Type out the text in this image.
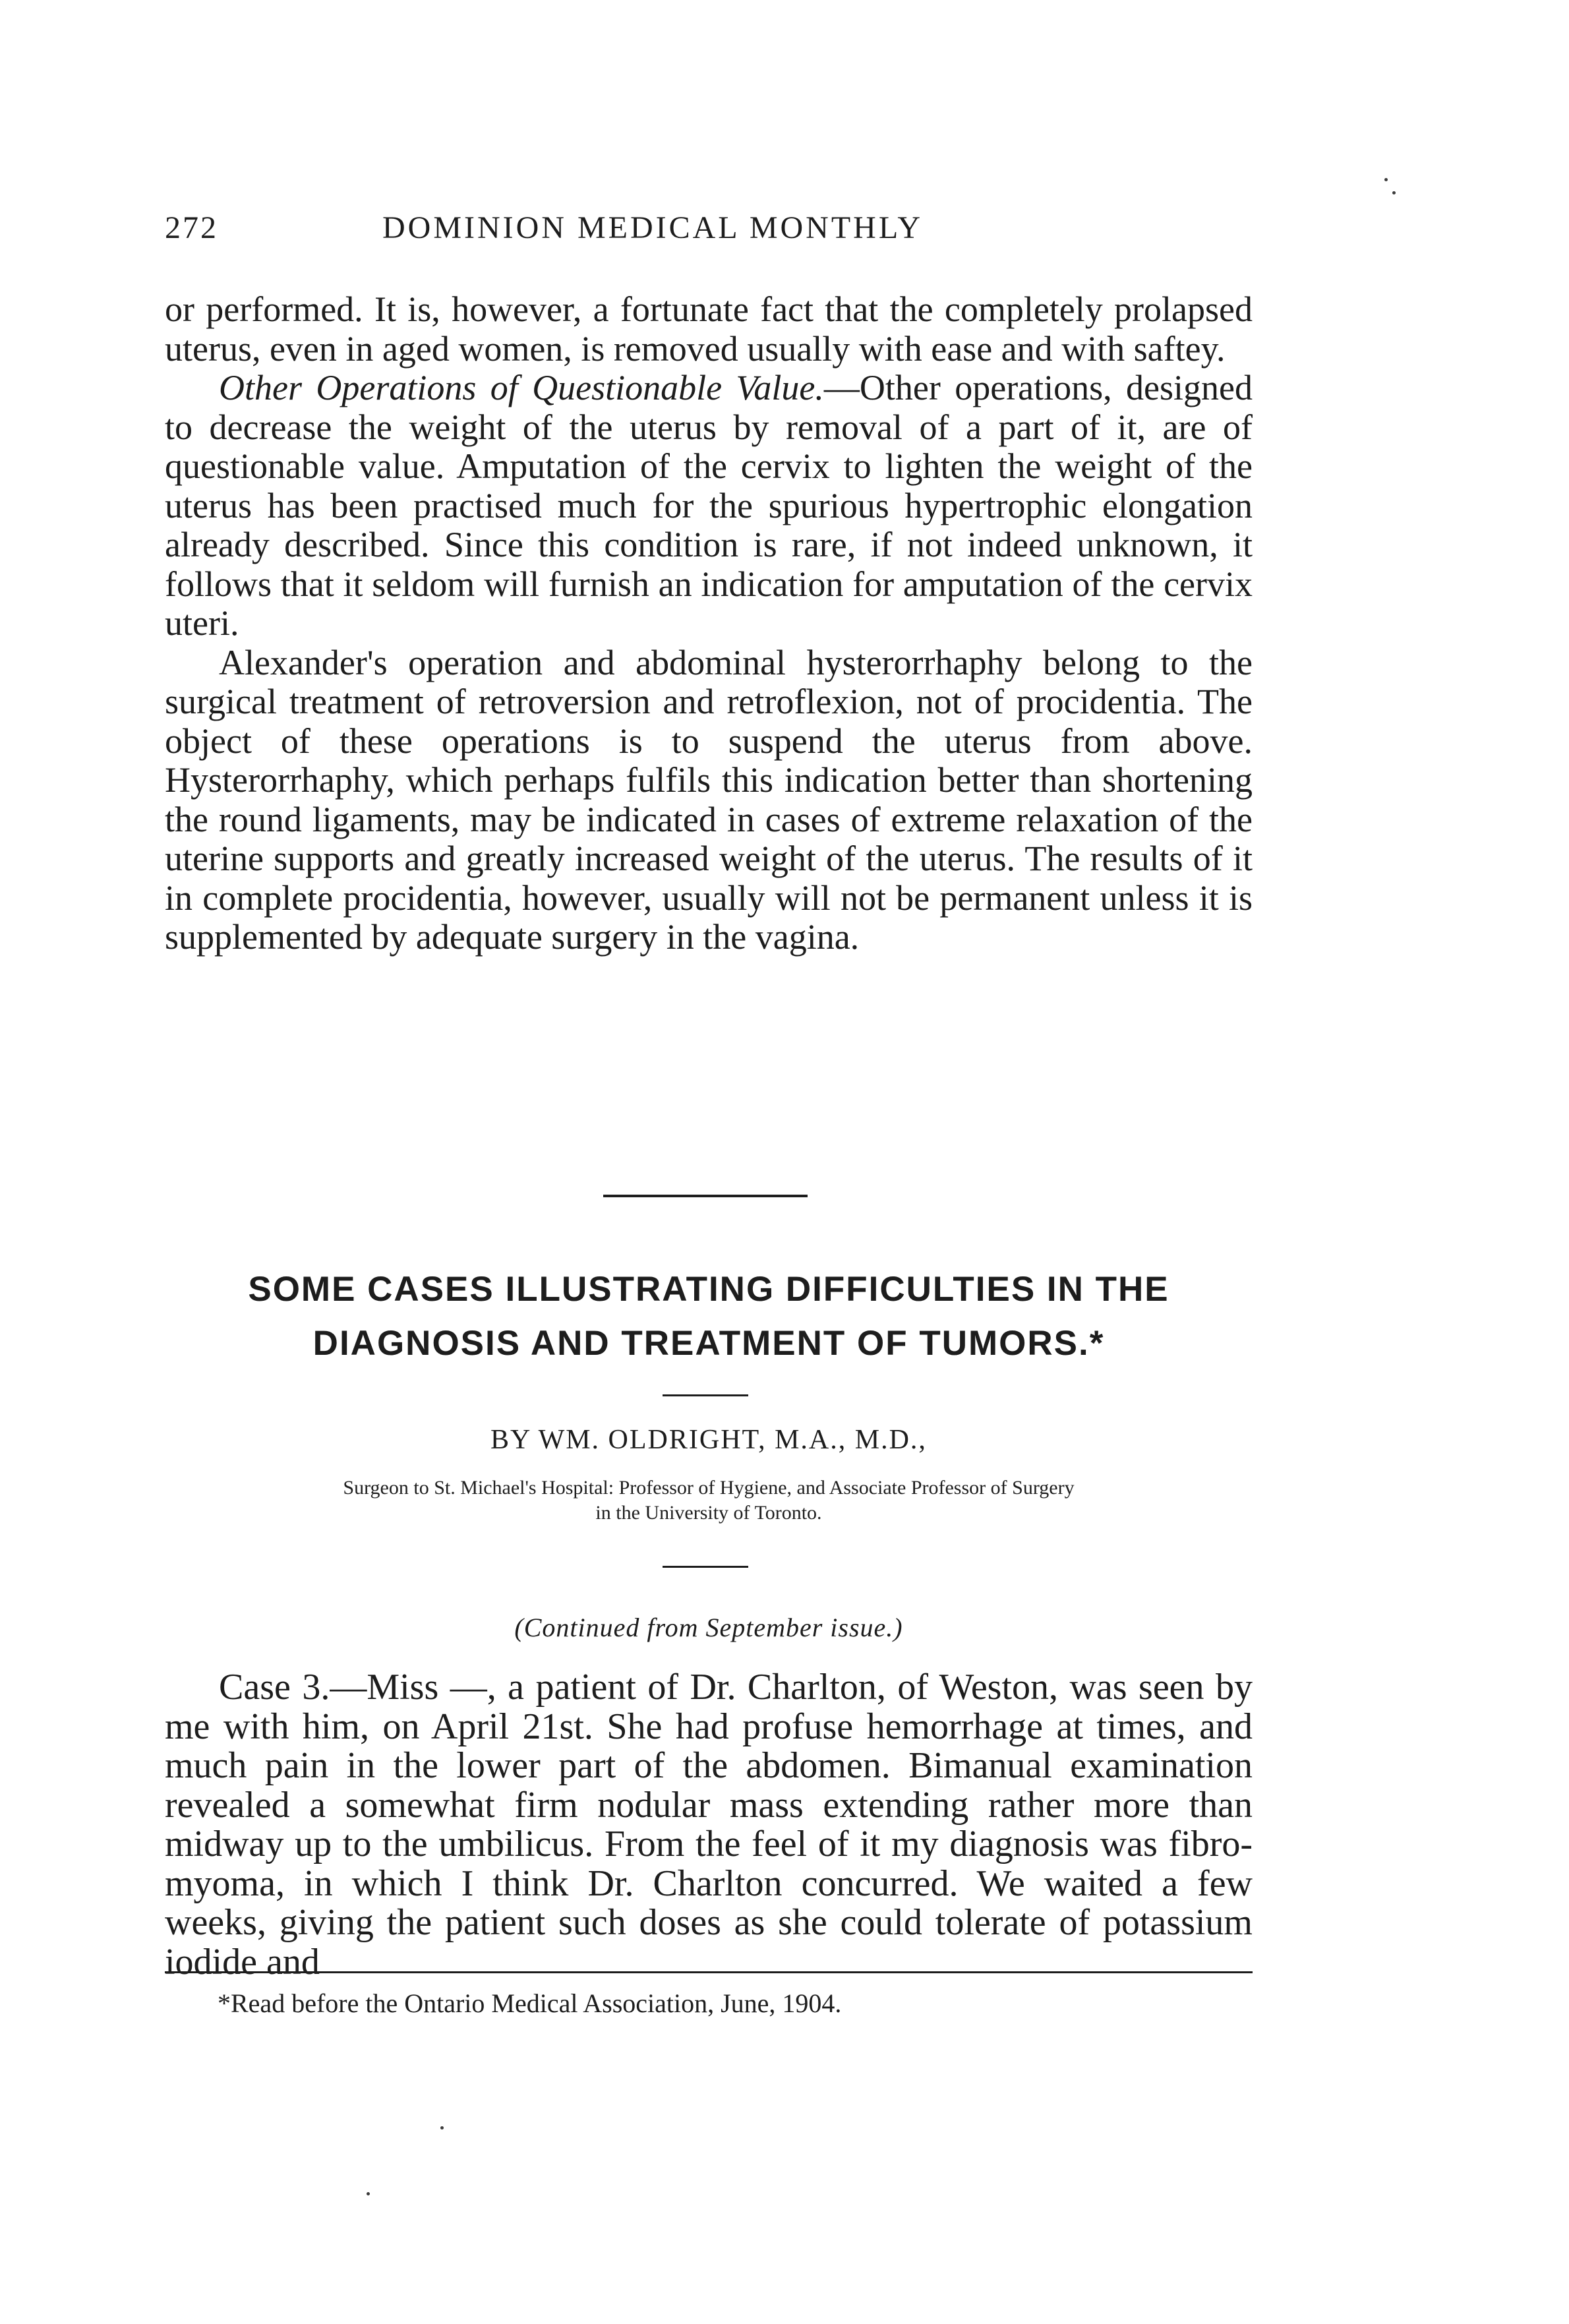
272	DOMINION MEDICAL MONTHLY

or performed. It is, however, a fortunate fact that the completely prolapsed uterus, even in aged women, is removed usually with ease and with saftey.

Other Operations of Questionable Value.—Other operations, designed to decrease the weight of the uterus by removal of a part of it, are of questionable value. Amputation of the cervix to lighten the weight of the uterus has been practised much for the spurious hypertrophic elongation already described. Since this condition is rare, if not indeed unknown, it follows that it seldom will furnish an indication for amputation of the cervix uteri.

Alexander's operation and abdominal hysterorrhaphy belong to the surgical treatment of retroversion and retroflexion, not of procidentia. The object of these operations is to suspend the uterus from above. Hysterorrhaphy, which perhaps fulfils this indication better than shortening the round ligaments, may be indicated in cases of extreme relaxation of the uterine supports and greatly increased weight of the uterus. The results of it in complete procidentia, however, usually will not be permanent unless it is supplemented by adequate surgery in the vagina.

SOME CASES ILLUSTRATING DIFFICULTIES IN THE
DIAGNOSIS AND TREATMENT OF TUMORS.*
BY WM. OLDRIGHT, M.A., M.D.,
Surgeon to St. Michael's Hospital: Professor of Hygiene, and Associate Professor of Surgery
in the University of Toronto.
(Continued from September issue.)

Case 3.—Miss —, a patient of Dr. Charlton, of Weston, was seen by me with him, on April 21st. She had profuse hemorrhage at times, and much pain in the lower part of the abdomen. Bimanual examination revealed a somewhat firm nodular mass extending rather more than midway up to the umbilicus. From the feel of it my diagnosis was fibro-myoma, in which I think Dr. Charlton concurred. We waited a few weeks, giving the patient such doses as she could tolerate of potassium iodide and

*Read before the Ontario Medical Association, June, 1904.
